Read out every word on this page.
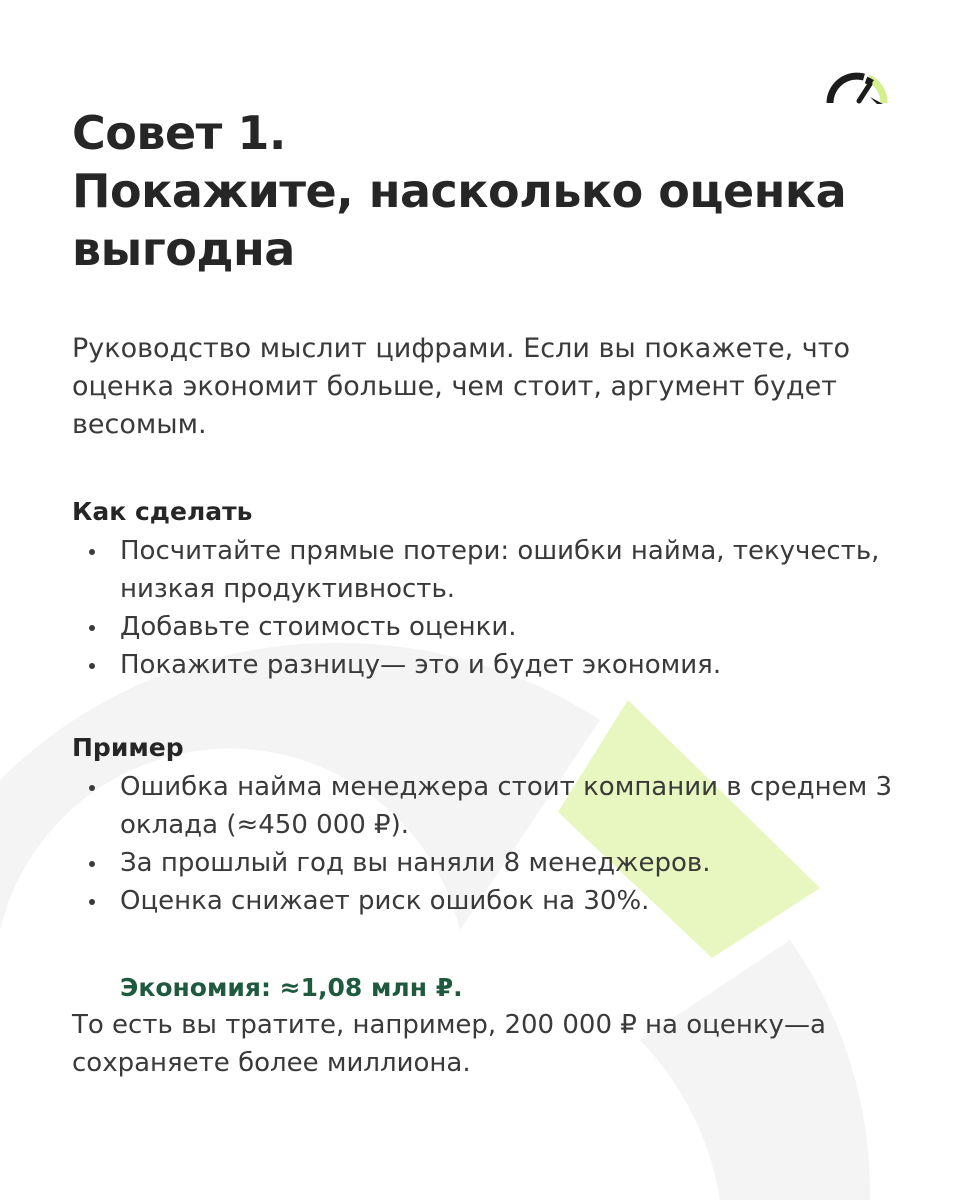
Совет 1.
Покажите, насколько оценка
выгодна

Руководство мыслит цифрами. Если вы покажете, что оценка экономит больше, чем стоит, аргумент будет весомым.

Как сделать
Посчитайте прямые потери: ошибки найма, текучесть, низкая продуктивность.
Добавьте стоимость оценки.
Покажите разницу— это и будет экономия.
Пример
Ошибка найма менеджера стоит компании в среднем 3 оклада (≈450 000 ₽).
За прошлый год вы наняли 8 менеджеров.
Оценка снижает риск ошибок на 30%.
Экономия: ≈1,08 млн ₽.

То есть вы тратите, например, 200 000 ₽ на оценку—а сохраняете более миллиона.
